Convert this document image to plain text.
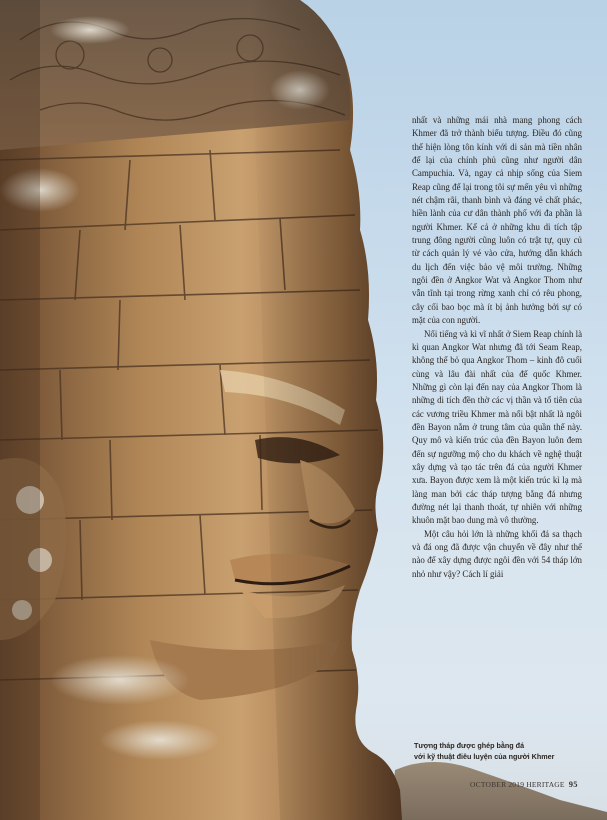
nhất và những mái nhà mang phong cách Khmer đã trở thành biểu tượng. Điều đó cũng thể hiện lòng tôn kính với di sản mà tiền nhân để lại của chính phủ cũng như người dân Campuchia. Và, ngay cả nhịp sống của Siem Reap cũng để lại trong tôi sự mến yêu vì những nét chậm rãi, thanh bình và đáng vẻ chất phác, hiền lành của cư dân thành phố với đa phần là người Khmer. Kể cả ở những khu di tích tập trung đông người cũng luôn có trật tự, quy củ từ cách quản lý vé vào cửa, hướng dẫn khách du lịch đến việc bảo vệ môi trường. Những ngôi đền ở Angkor Wat và Angkor Thom như vẫn tĩnh tại trong rừng xanh chỉ có rêu phong, cây cối bao bọc mà ít bị ảnh hưởng bởi sự có mặt của con người.

Nổi tiếng và kì vĩ nhất ở Siem Reap chính là kì quan Angkor Wat nhưng đã tới Seam Reap, không thể bỏ qua Angkor Thom – kinh đô cuối cùng và lâu đài nhất của để quốc Khmer. Những gì còn lại đến nay của Angkor Thom là những di tích đền thờ các vị thần và tổ tiên của các vương triều Khmer mà nổi bật nhất là ngôi đền Bayon nằm ở trung tâm của quần thể này. Quy mô và kiến trúc của đền Bayon luôn đem đến sự ngưỡng mộ cho du khách về nghệ thuật xây dựng và tạo tác trên đá của người Khmer xưa. Bayon được xem là một kiến trúc kì lạ mà làng man bởi các tháp tượng bằng đá nhưng đường nét lại thanh thoát, tự nhiên với những khuôn mặt bao dung mà vô thường.

Một câu hỏi lớn là những khối đá sa thạch và đá ong đã được vận chuyển về đây như thế nào để xây dựng được ngôi đền với 54 tháp lớn nhỏ như vậy? Cách lí giải

Tượng tháp được ghép bằng đá
với kỹ thuật điêu luyện của người Khmer
OCTOBER 2019 HERITAGE 95
